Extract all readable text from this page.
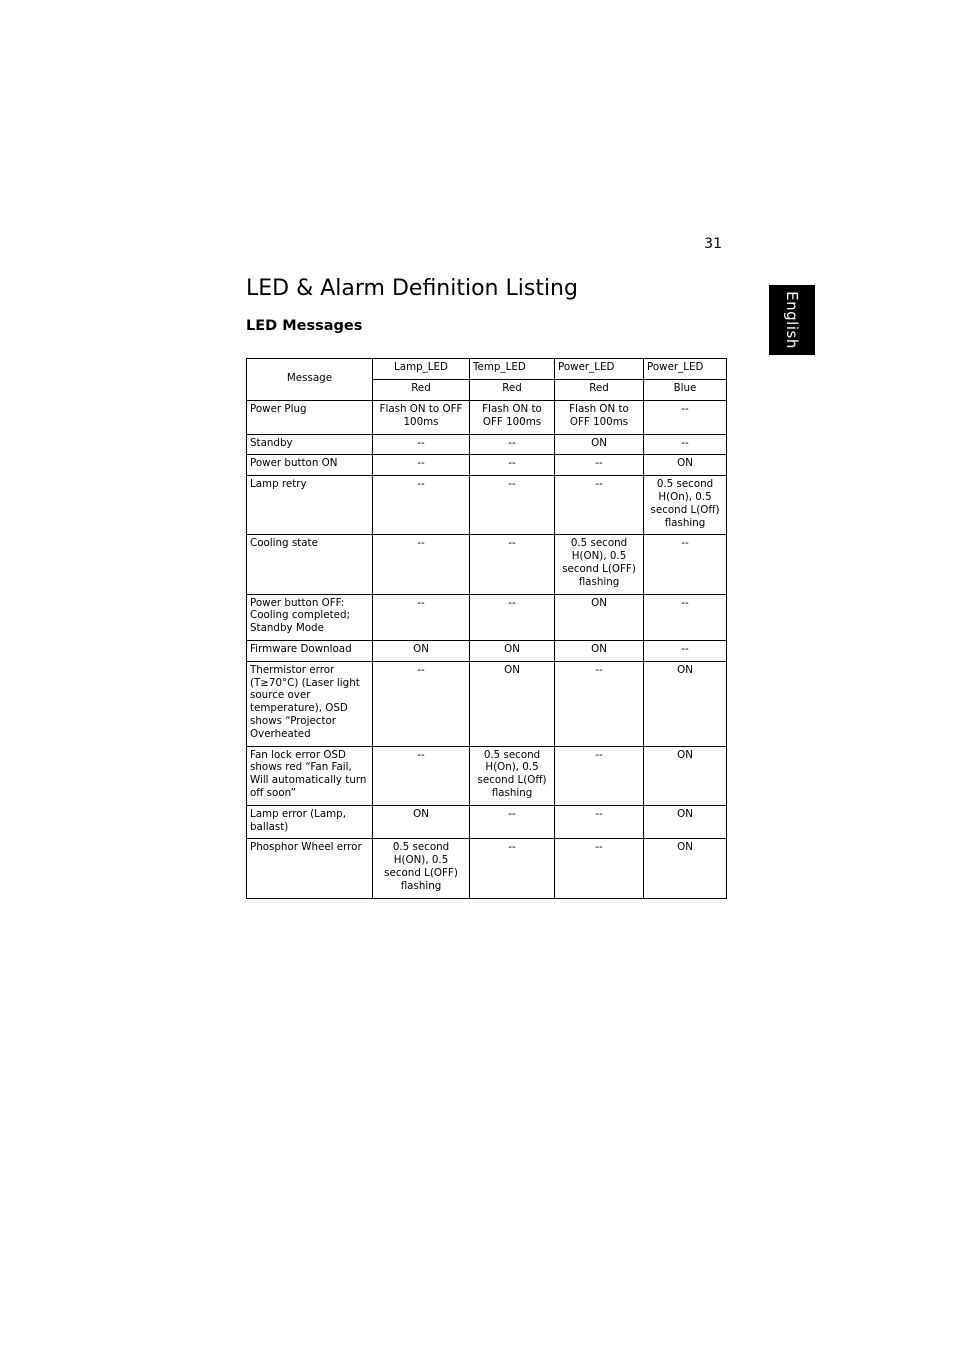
31
English
LED & Alarm Definition Listing
LED Messages
Message	Lamp_LED	Temp_LED	Power_LED	Power_LED
	Red	Red	Red	Blue
Power Plug	Flash ON to OFF 100ms	Flash ON to OFF 100ms	Flash ON to OFF 100ms	--
Standby	--	--	ON	--
Power button ON	--	--	--	ON
Lamp retry	--	--	--	0.5 second H(On), 0.5 second L(Off) flashing
Cooling state	--	--	0.5 second H(ON), 0.5 second L(OFF) flashing	--
Power button OFF: Cooling completed; Standby Mode	--	--	ON	--
Firmware Download	ON	ON	ON	--
Thermistor error (T≥70°C) (Laser light source over temperature), OSD shows “Projector Overheated	--	ON	--	ON
Fan lock error OSD shows red “Fan Fail, Will automatically turn off soon”	--	0.5 second H(On), 0.5 second L(Off) flashing	--	ON
Lamp error (Lamp, ballast)	ON	--	--	ON
Phosphor Wheel error	0.5 second H(ON), 0.5 second L(OFF) flashing	--	--	ON
